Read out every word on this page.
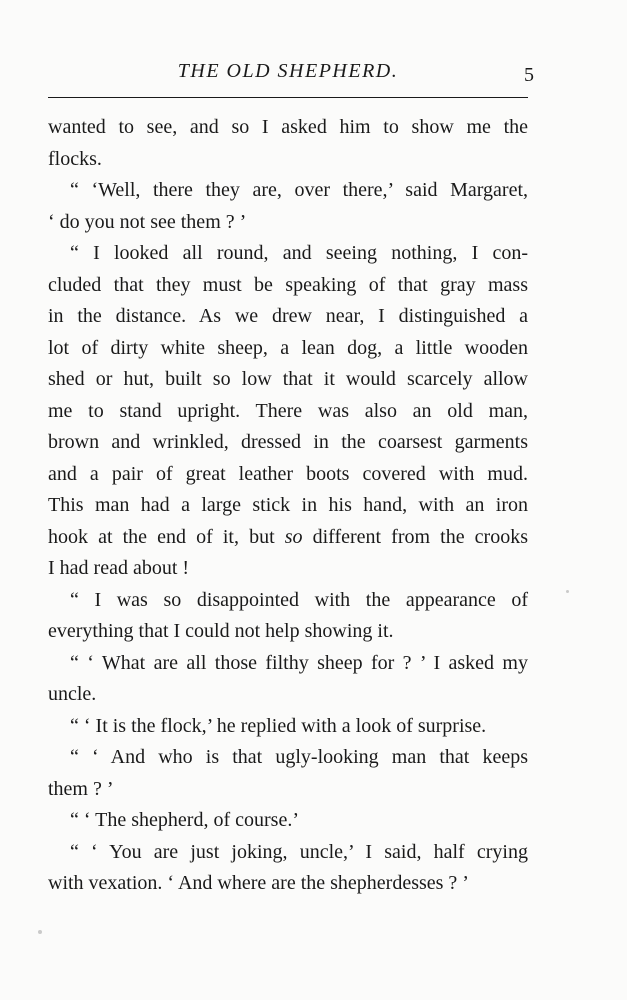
THE OLD SHEPHERD.	5
wanted to see, and so I asked him to show me the
flocks.
“ ‘Well, there they are, over there,’ said Margaret,
‘ do you not see them ? ’
“ I looked all round, and seeing nothing, I con-
cluded that they must be speaking of that gray mass
in the distance. As we drew near, I distinguished a
lot of dirty white sheep, a lean dog, a little wooden
shed or hut, built so low that it would scarcely allow
me to stand upright. There was also an old man,
brown and wrinkled, dressed in the coarsest garments
and a pair of great leather boots covered with mud.
This man had a large stick in his hand, with an iron
hook at the end of it, but so different from the crooks
I had read about !
“ I was so disappointed with the appearance of
everything that I could not help showing it.
“ ‘ What are all those filthy sheep for ? ’ I asked my
uncle.
“ ‘ It is the flock,’ he replied with a look of surprise.
“ ‘ And who is that ugly-looking man that keeps
them ? ’
“ ‘ The shepherd, of course.’
“ ‘ You are just joking, uncle,’ I said, half crying
with vexation. ‘ And where are the shepherdesses ? ’
